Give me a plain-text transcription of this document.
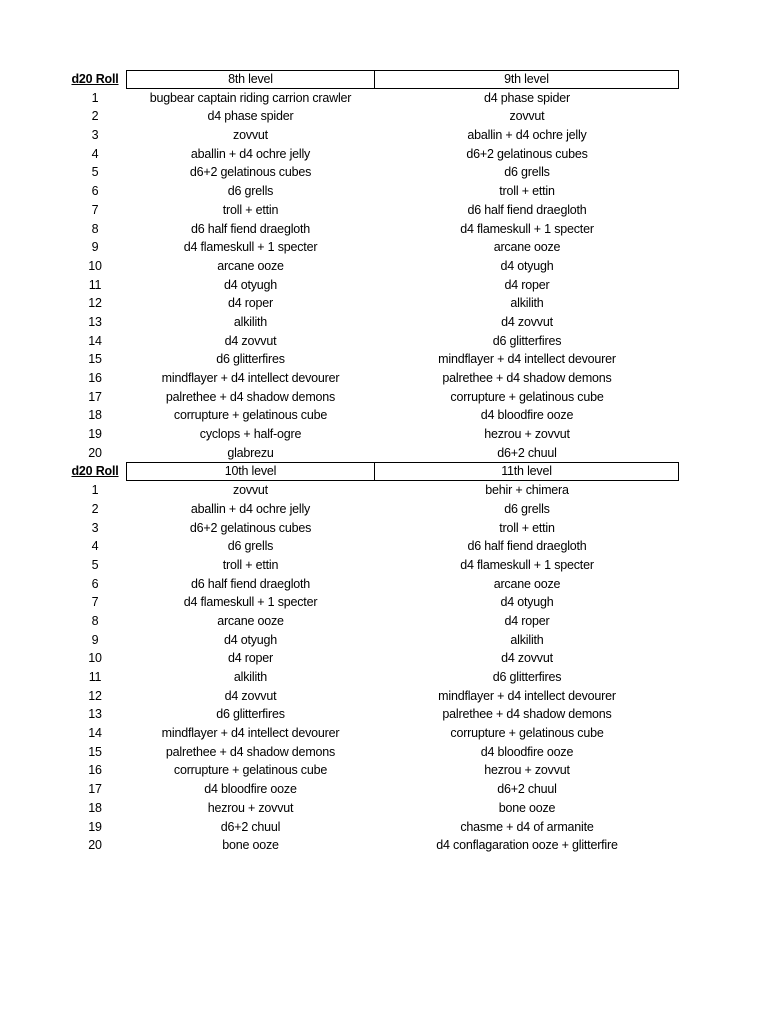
d20 Roll	8th level	9th level
1	bugbear captain riding carrion crawler	d4 phase spider
2	d4 phase spider	zovvut
3	zovvut	aballin + d4 ochre jelly
4	aballin + d4 ochre jelly	d6+2 gelatinous cubes
5	d6+2 gelatinous cubes	d6 grells
6	d6 grells	troll + ettin
7	troll + ettin	d6 half fiend draegloth
8	d6 half fiend draegloth	d4 flameskull + 1 specter
9	d4 flameskull + 1 specter	arcane ooze
10	arcane ooze	d4 otyugh
11	d4 otyugh	d4 roper
12	d4 roper	alkilith
13	alkilith	d4 zovvut
14	d4 zovvut	d6 glitterfires
15	d6 glitterfires	mindflayer + d4 intellect devourer
16	mindflayer + d4 intellect devourer	palrethee + d4 shadow demons
17	palrethee + d4 shadow demons	corrupture + gelatinous cube
18	corrupture + gelatinous cube	d4 bloodfire ooze
19	cyclops + half-ogre	hezrou + zovvut
20	glabrezu	d6+2 chuul
d20 Roll	10th level	11th level
1	zovvut	behir + chimera
2	aballin + d4 ochre jelly	d6 grells
3	d6+2 gelatinous cubes	troll + ettin
4	d6 grells	d6 half fiend draegloth
5	troll + ettin	d4 flameskull + 1 specter
6	d6 half fiend draegloth	arcane ooze
7	d4 flameskull + 1 specter	d4 otyugh
8	arcane ooze	d4 roper
9	d4 otyugh	alkilith
10	d4 roper	d4 zovvut
11	alkilith	d6 glitterfires
12	d4 zovvut	mindflayer + d4 intellect devourer
13	d6 glitterfires	palrethee + d4 shadow demons
14	mindflayer + d4 intellect devourer	corrupture + gelatinous cube
15	palrethee + d4 shadow demons	d4 bloodfire ooze
16	corrupture + gelatinous cube	hezrou + zovvut
17	d4 bloodfire ooze	d6+2 chuul
18	hezrou + zovvut	bone ooze
19	d6+2 chuul	chasme + d4 of armanite
20	bone ooze	d4 conflagaration ooze + glitterfire
